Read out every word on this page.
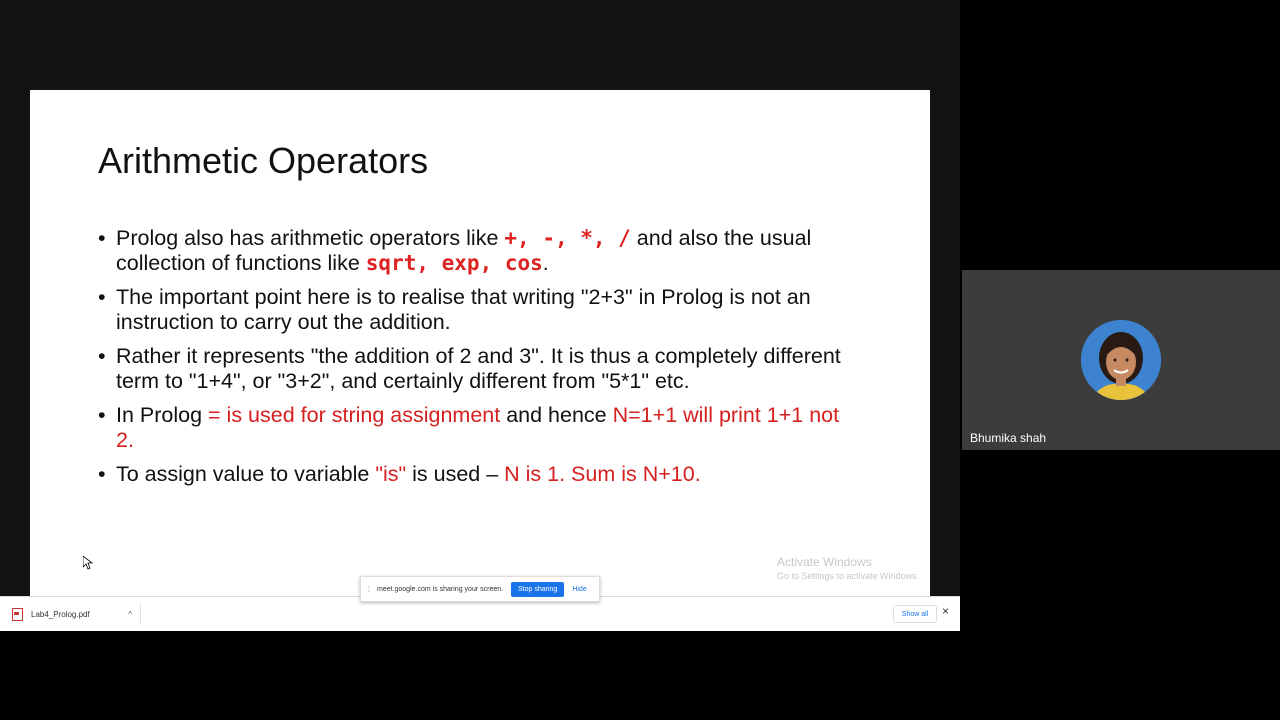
Arithmetic Operators
• Prolog also has arithmetic operators like +, -, *, / and also the usual collection of functions like sqrt, exp, cos.
• The important point here is to realise that writing "2+3" in Prolog is not an instruction to carry out the addition.
• Rather it represents "the addition of 2 and 3". It is thus a completely different term to "1+4", or "3+2", and certainly different from "5*1" etc.
• In Prolog = is used for string assignment and hence N=1+1 will print 1+1 not 2.
• To assign value to variable "is" is used – N is 1. Sum is N+10.
Activate Windows
Go to Settings to activate Windows.
Lab4_Prolog.pdf	^	Show all	×
⁞ meet.google.com is sharing your screen.	Stop sharing	Hide
Bhumika shah
